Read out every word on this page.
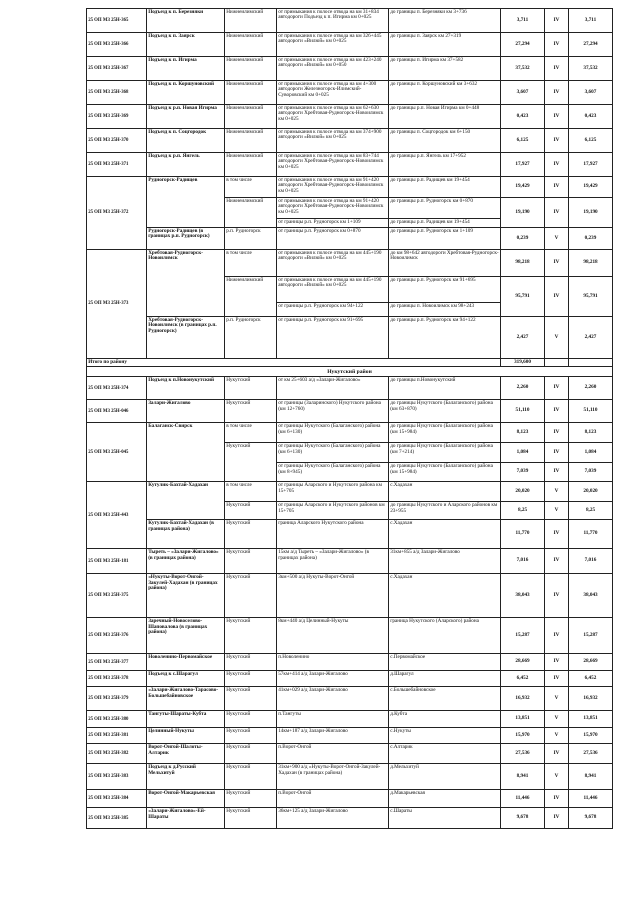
25 ОП МЗ 25Н-365	Подъезд к п. Березняки	Нижнеилимский	от примыкания к полосе отвода на км 31+834 автодороги Подъезд к п. Игирма км 0+025	до границы п. Березняки км 3+736	3,711	IV	3,711
25 ОП МЗ 25Н-366	Подъезд к п. Заярск	Нижнеилимский	от примыкания к полосе отвода на км 326+445 автодороги «Вилюй» км 0+025	до границы п. Заярск км 27+319	27,294	IV	27,294
25 ОП МЗ 25Н-367	Подъезд к п. Игирма	Нижнеилимский	от примыкания к полосе отвода на км 423+240 автодороги «Вилюй» км 0+050	до границы п. Игирма км 37+582	37,532	IV	37,532
25 ОП МЗ 25Н-368	Подъезд к п. Коршуновский	Нижнеилимский	от примыкания к полосе отвода на км 4+300 автодороги Железногорск-Илимский-Суворовский км 0+025	до границы п. Коршуновский км 3+632	3,607	IV	3,607
25 ОП МЗ 25Н-369	Подъезд к р.п. Новая Игирма	Нижнеилимский	от примыкания к полосе отвода на км 62+630 автодороги Хребтовая-Рудногорск-Новоилимск км 0+025	до границы р.п. Новая Игирма км 0+448	0,423	IV	0,423
25 ОП МЗ 25Н-370	Подъезд к п. Соцгородок	Нижнеилимский	от примыкания к полосе отвода на км 374+900 автодороги «Вилюй» км 0+025	до границы п. Соцгородок км 6+150	6,125	IV	6,125
25 ОП МЗ 25Н-371	Подъезд к р.п. Янгель	Нижнеилимский	от примыкания к полосе отвода на км 83+744 автодороги Хребтовая-Рудногорск-Новоилимск км 0+025	до границы р.п. Янгель км 17+952	17,927	IV	17,927
25 ОП МЗ 25Н-372	Рудногорск-Радищев	в том числе	от примыкания к полосе отвода на км 91+420 автодороги Хребтовая-Рудногорск-Новоилимск км 0+025	до границы р.п. Радищев км 19+454	19,429	IV	19,429
		Нижнеилимский	от примыкания к полосе отвода на км 91+420 автодороги Хребтовая-Рудногорск-Новоилимск км 0+025	до границы р.п. Рудногорск км 0+870	19,190	IV	19,190
			от границы р.п. Рудногорск км 1+109	до границы р.п. Радищев км 19+454			
	Рудногорск-Радищев (в границах р.п. Рудногорск)	р.п. Рудногорск	от границы р.п. Рудногорск км 0+870	до границы р.п. Рудногорск км 1+109	0,239	V	0,239
25 ОП МЗ 25Н-373	Хребтовая-Рудногорск-Новоилимск	в том числе	от примыкания к полосе отвода на км 445+190 автодороги «Вилюй» км 0+025	до км 98+642 автодороги Хребтовая-Рудногорск-Новоилимск	98,218	IV	98,218
		Нижнеилимский	от примыкания к полосе отвода на км 445+190 автодороги «Вилюй» км 0+025	до границы р.п. Рудногорск км 91+695	95,791	IV	95,791
			от границы р.п. Рудногорск км 94+122	до границы п. Новоилимск км 98+243			
	Хребтовая-Рудногорск-Новоилимск (в границах р.п. Рудногорск)	р.п. Рудногорск	от границы р.п. Рудногорск км 91+695	до границы р.п. Рудногорск км 94+122	2,427	V	2,427
Итого по району					319,600		
Нукутский район							
25 ОП МЗ 25Н-374	Подъезд к п.Новонукутский	Нукутский	от км 25+603 а/д «Залари-Жигалово»	до границы п.Новонукутский	2,260	IV	2,260
25 ОП МЗ 25Н-046	Залари-Жигалово	Нукутский	от границы (Заларинского) Нукутского района (км 12+760)	до границы Нукутского (Балаганского) района (км 63+870)	51,110	IV	51,110
25 ОП МЗ 25Н-045	Балаганск-Свирск	в том числе	от границы Нукутского (Балаганского) района (км 6+130)	до границы Нукутского (Балаганского) района (км 15+984)	8,123	IV	8,123
		Нукутский	от границы Нукутского (Балаганского) района (км 6+130)	до границы Нукутского (Балаганского) района (км 7+214)	1,084	IV	1,084
			от границы Нукутского (Балаганского) района (км 8+945)	до границы Нукутского (Балаганского) района (км 15+984)	7,039	IV	7,039
25 ОП МЗ 25Н-443	Кутулик-Бахтай-Хадахан	в том числе	от границы Аларского и Нукутского района км 15+705	с.Хадахан	20,020	V	20,020
		Нукутский	от границы Аларского и Нукутского районов км 15+705	до границы Нукутского и Аларского районов км 23+955	8,25	V	8,25
	Кутулик-Бахтай-Хадахан (в границах района)	Нукутский	граница Аларского Нукутского района	с.Хадахан	11,770	IV	11,770
25 ОП МЗ 25Н-181	Тыреть – «Залари-Жигалово» (в границах района)	Нукутский	15км а/д Тыреть – «Залари-Жигалово» (в границах района)	31км+855 а/д Залари-Жигалово	7,016	IV	7,016
25 ОП МЗ 25Н-375	«Нукуты-Ворот-Онгой-Закулей-Хадахан (в границах района)	Нукутский	3км+500 а/д Нукуты-Ворот-Онгой	с.Хадахан	38,043	IV	38,043
25 ОП МЗ 25Н-376	Заречный-Новоселово-Шаповалова (в границах района)	Нукутский	8км+440 а/д Целинный-Нукуты	граница Нукутского (Аларского) района	15,287	IV	15,287
25 ОП МЗ 25Н-377	Новоленино-Первомайское	Нукутский	п.Новоленино	с.Первомайское	28,669	IV	28,669
25 ОП МЗ 25Н-378	Подъезд к с.Шарагул	Нукутский	57км+414 а/д Залари-Жигалово	д.Шарагул	6,452	IV	6,452
25 ОП МЗ 25Н-379	«Залари-Жигалово-Тарасово-Большебайновское	Нукутский	41км+029 а/д Залари-Жигалово	с.Большебайновское	16,932	V	16,932
25 ОП МЗ 25Н-380	Тангуты-Шараты-Кубта	Нукутский	п.Тангуты	д.Кубта	13,851	V	13,851
25 ОП МЗ 25Н-381	Целинный-Нукуты	Нукутский	14км+187 а/д Залари-Жигалово	с.Нукуты	15,970	V	15,970
25 ОП МЗ 25Н-382	Ворот-Онгой-Шалоты-Алтарик	Нукутский	п.Ворот-Онгой	с.Алтарик	27,536	IV	27,536
25 ОП МЗ 25Н-383	Подъезд к д.Русский Мельхитуй	Нукутский	31км+900 а/д «Нукуты-Ворот-Онгой-Закулей-Хадахан (в границах района)	д.Мельхитуй	8,941	V	8,941
25 ОП МЗ 25Н-384	Ворот-Онгой-Макарьевская	Нукутский	п.Ворот-Онгой	д.Макарьевская	11,446	IV	11,446
25 ОП МЗ 25Н-385	«Залари-Жигалово»-Ей-Шараты	Нукутский	36км+125 а/д Залари-Жигалово	с.Шараты	9,678	IV	9,678
